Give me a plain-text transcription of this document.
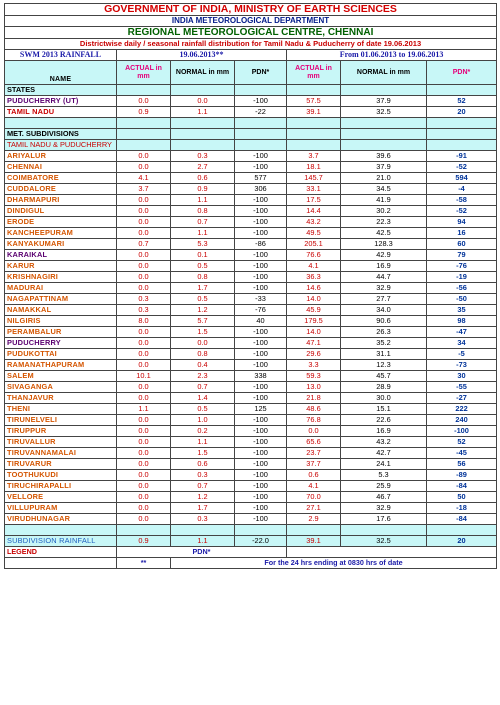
GOVERNMENT OF INDIA, MINISTRY OF EARTH SCIENCES						
INDIA METEOROLOGICAL DEPARTMENT						
REGIONAL METEOROLOGICAL CENTRE, CHENNAI						
Districtwise daily / seasonal rainfall distribution for Tamil Nadu & Puducherry of date 19.06.2013						
SWM 2013 RAINFALL	19.06.2013**			From 01.06.2013 to 19.06.2013		
NAME	ACTUAL in mm	NORMAL in mm	PDN*	ACTUAL in mm	NORMAL in mm	PDN*
STATES						
PUDUCHERRY (UT)	0.0	0.0	-100	57.5	37.9	52
TAMIL NADU	0.9	1.1	-22	39.1	32.5	20

MET. SUBDIVISIONS						
TAMIL NADU & PUDUCHERRY						
ARIYALUR	0.0	0.3	-100	3.7	39.6	-91
CHENNAI	0.0	2.7	-100	18.1	37.9	-52
COIMBATORE	4.1	0.6	577	145.7	21.0	594
CUDDALORE	3.7	0.9	306	33.1	34.5	-4
DHARMAPURI	0.0	1.1	-100	17.5	41.9	-58
DINDIGUL	0.0	0.8	-100	14.4	30.2	-52
ERODE	0.0	0.7	-100	43.2	22.3	94
KANCHEEPURAM	0.0	1.1	-100	49.5	42.5	16
KANYAKUMARI	0.7	5.3	-86	205.1	128.3	60
KARAIKAL	0.0	0.1	-100	76.6	42.9	79
KARUR	0.0	0.5	-100	4.1	16.9	-76
KRISHNAGIRI	0.0	0.8	-100	36.3	44.7	-19
MADURAI	0.0	1.7	-100	14.6	32.9	-56
NAGAPATTINAM	0.3	0.5	-33	14.0	27.7	-50
NAMAKKAL	0.3	1.2	-76	45.9	34.0	35
NILGIRIS	8.0	5.7	40	179.5	90.6	98
PERAMBALUR	0.0	1.5	-100	14.0	26.3	-47
PUDUCHERRY	0.0	0.0	-100	47.1	35.2	34
PUDUKOTTAI	0.0	0.8	-100	29.6	31.1	-5
RAMANATHAPURAM	0.0	0.4	-100	3.3	12.3	-73
SALEM	10.1	2.3	338	59.3	45.7	30
SIVAGANGA	0.0	0.7	-100	13.0	28.9	-55
THANJAVUR	0.0	1.4	-100	21.8	30.0	-27
THENI	1.1	0.5	125	48.6	15.1	222
TIRUNELVELI	0.0	1.0	-100	76.8	22.6	240
TIRUPPUR	0.0	0.2	-100	0.0	16.9	-100
TIRUVALLUR	0.0	1.1	-100	65.6	43.2	52
TIRUVANNAMALAI	0.0	1.5	-100	23.7	42.7	-45
TIRUVARUR	0.0	0.6	-100	37.7	24.1	56
TOOTHUKUDI	0.0	0.3	-100	0.6	5.3	-89
TIRUCHIRAPALLI	0.0	0.7	-100	4.1	25.9	-84
VELLORE	0.0	1.2	-100	70.0	46.7	50
VILLUPURAM	0.0	1.7	-100	27.1	32.9	-18
VIRUDHUNAGAR	0.0	0.3	-100	2.9	17.6	-84

SUBDIVISION RAINFALL	0.9	1.1	-22.0	39.1	32.5	20
LEGEND	PDN*					
	**	For the 24 hrs ending at 0830 hrs of date				
